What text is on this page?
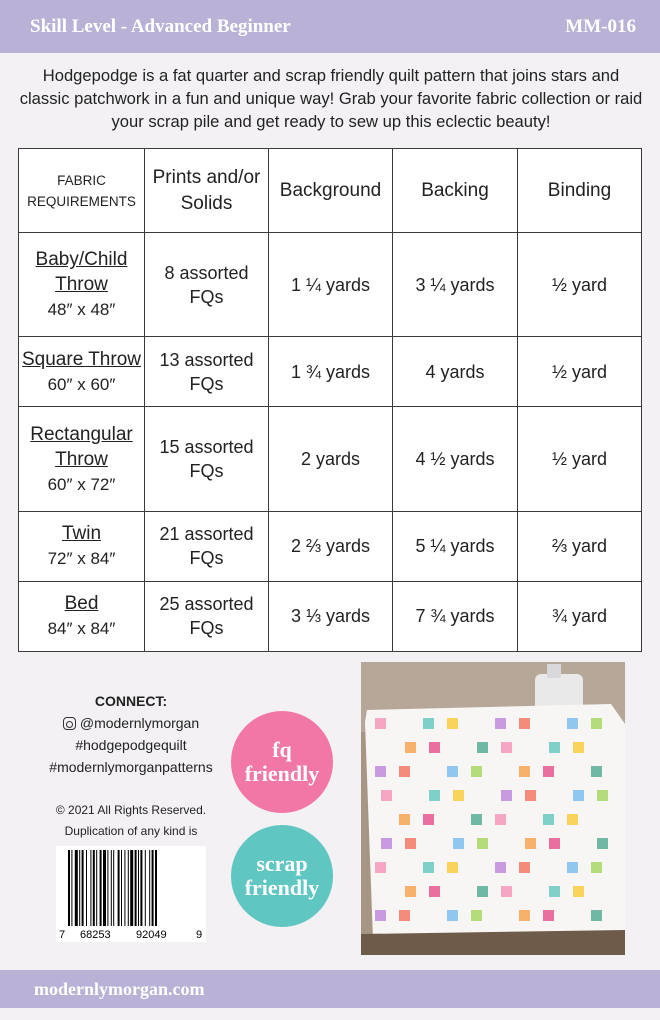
Skill Level - Advanced Beginner	MM-016

Hodgepodge is a fat quarter and scrap friendly quilt pattern that joins stars and classic patchwork in a fun and unique way! Grab your favorite fabric collection or raid your scrap pile and get ready to sew up this eclectic beauty!

FABRIC
REQUIREMENTS	Prints and/or Solids	Background	Backing	Binding

Baby/Child Throw
48″ x 48″	8 assorted FQs	1 ¼ yards	3 ¼ yards	½ yard

Square Throw
60″ x 60″	13 assorted FQs	1 ¾ yards	4 yards	½ yard

Rectangular Throw
60″ x 72″	15 assorted FQs	2 yards	4 ½ yards	½ yard

Twin
72″ x 84″	21 assorted FQs	2 ⅔ yards	5 ¼ yards	⅔ yard

Bed
84″ x 84″	25 assorted FQs	3 ⅓ yards	7 ¾ yards	¾ yard
CONNECT:
@modernlymorgan
#hodgepodgequilt
#modernlymorganpatterns
© 2021 All Rights Reserved.
Duplication of any kind is
7 68253 92049	9
fq
friendly
scrap
friendly
modernlymorgan.com
